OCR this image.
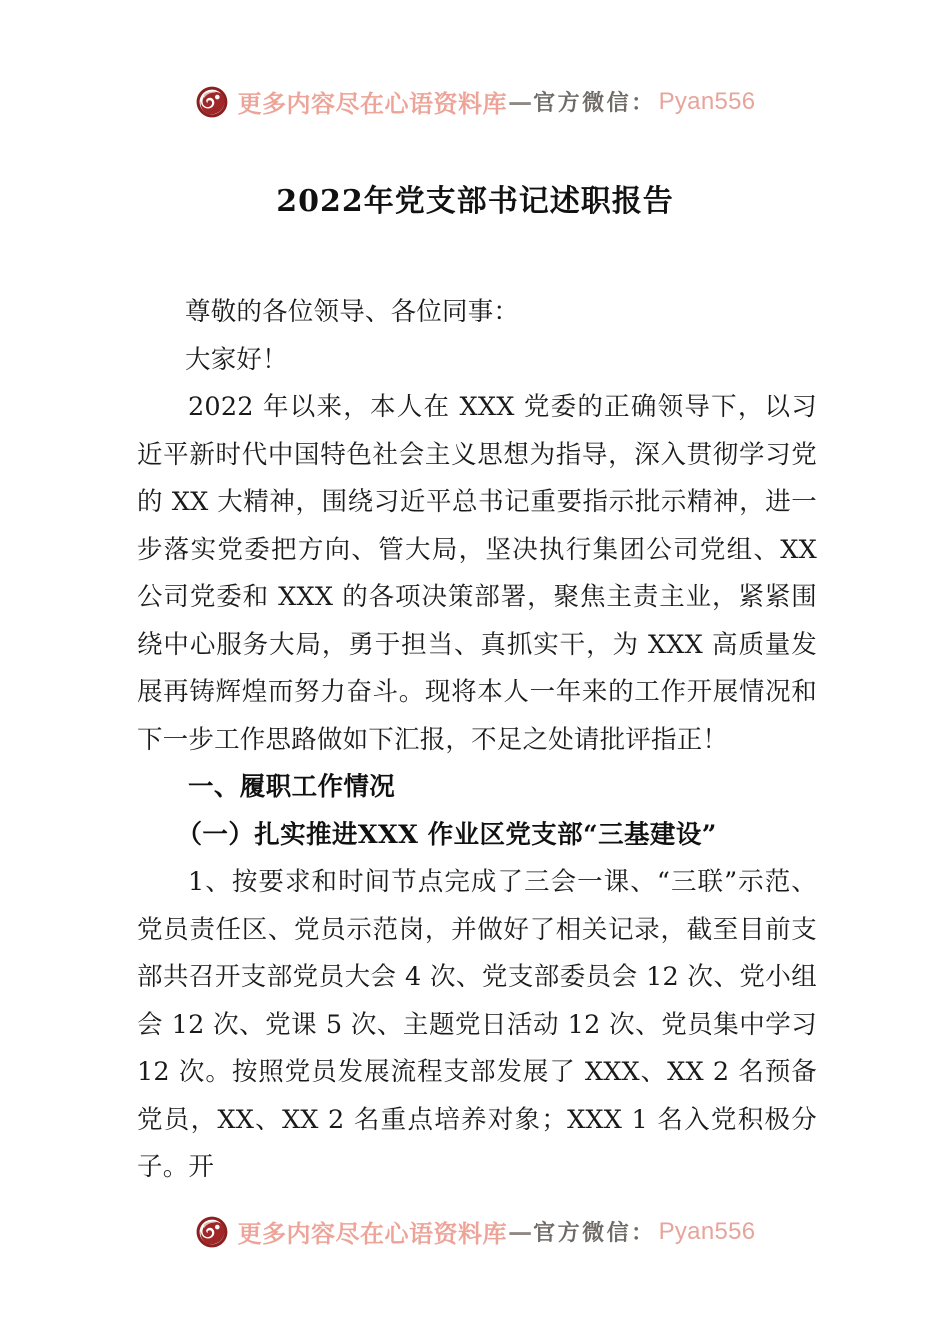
更多内容尽在心语资料库 — 官方微信： Pyan556
2022年党支部书记述职报告

尊敬的各位领导、各位同事：

大家好！

2022 年以来，本人在 XXX 党委的正确领导下，以习近平新时代中国特色社会主义思想为指导，深入贯彻学习党的 XX 大精神，围绕习近平总书记重要指示批示精神，进一步落实党委把方向、管大局，坚决执行集团公司党组、XX 公司党委和 XXX 的各项决策部署，聚焦主责主业，紧紧围绕中心服务大局，勇于担当、真抓实干，为 XXX 高质量发展再铸辉煌而努力奋斗。现将本人一年来的工作开展情况和下一步工作思路做如下汇报，不足之处请批评指正！

一、履职工作情况

（一）扎实推进XXX 作业区党支部“三基建设”

1、按要求和时间节点完成了三会一课、“三联”示范、党员责任区、党员示范岗，并做好了相关记录，截至目前支部共召开支部党员大会 4 次、党支部委员会 12 次、党小组会 12 次、党课 5 次、主题党日活动 12 次、党员集中学习 12 次。按照党员发展流程支部发展了 XXX、XX 2 名预备党员，XX、XX 2 名重点培养对象；XXX 1 名入党积极分子。开

更多内容尽在心语资料库 — 官方微信： Pyan556
